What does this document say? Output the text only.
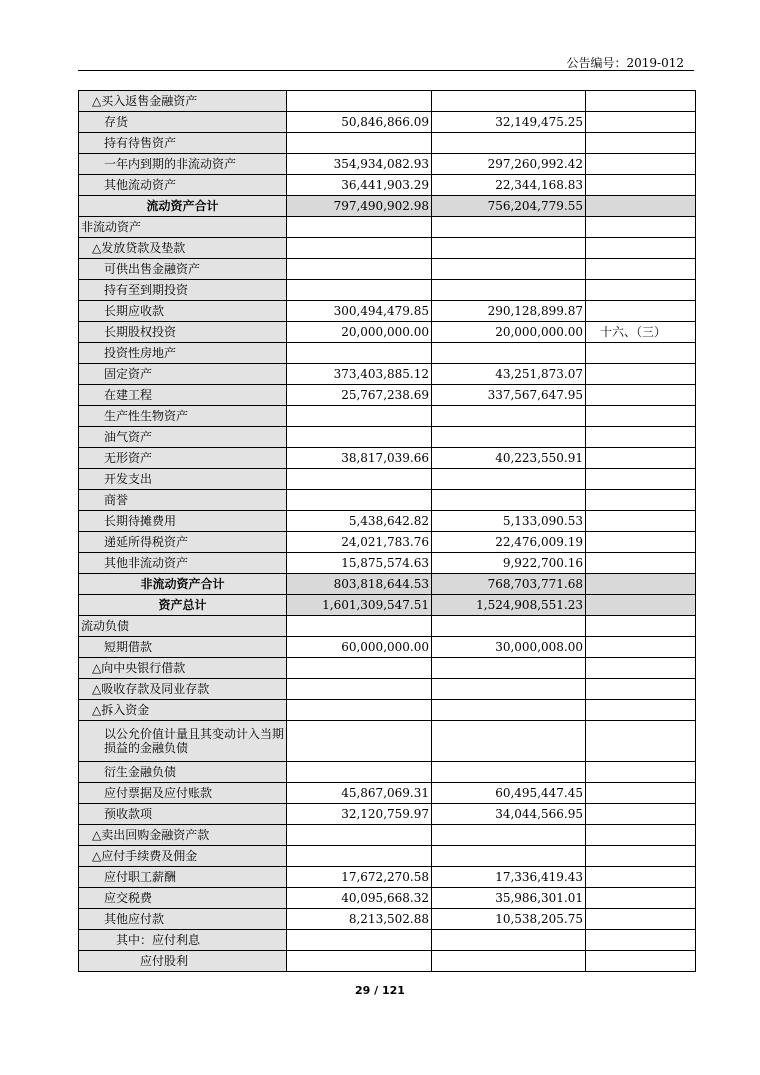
公告编号：2019-012
△买入返售金融资产			
存货	50,846,866.09	32,149,475.25	
持有待售资产			
一年内到期的非流动资产	354,934,082.93	297,260,992.42	
其他流动资产	36,441,903.29	22,344,168.83	
流动资产合计	797,490,902.98	756,204,779.55	
非流动资产			
△发放贷款及垫款			
可供出售金融资产			
持有至到期投资			
长期应收款	300,494,479.85	290,128,899.87	
长期股权投资	20,000,000.00	20,000,000.00	十六、（三）
投资性房地产			
固定资产	373,403,885.12	43,251,873.07	
在建工程	25,767,238.69	337,567,647.95	
生产性生物资产			
油气资产			
无形资产	38,817,039.66	40,223,550.91	
开发支出			
商誉			
长期待摊费用	5,438,642.82	5,133,090.53	
递延所得税资产	24,021,783.76	22,476,009.19	
其他非流动资产	15,875,574.63	9,922,700.16	
非流动资产合计	803,818,644.53	768,703,771.68	
资产总计	1,601,309,547.51	1,524,908,551.23	
流动负债			
短期借款	60,000,000.00	30,000,008.00	
△向中央银行借款			
△吸收存款及同业存款			
△拆入资金			
以公允价值计量且其变动计入当期损益的金融负债			
衍生金融负债			
应付票据及应付账款	45,867,069.31	60,495,447.45	
预收款项	32,120,759.97	34,044,566.95	
△卖出回购金融资产款			
△应付手续费及佣金			
应付职工薪酬	17,672,270.58	17,336,419.43	
应交税费	40,095,668.32	35,986,301.01	
其他应付款	8,213,502.88	10,538,205.75	
其中：应付利息			
应付股利			
29 / 121
